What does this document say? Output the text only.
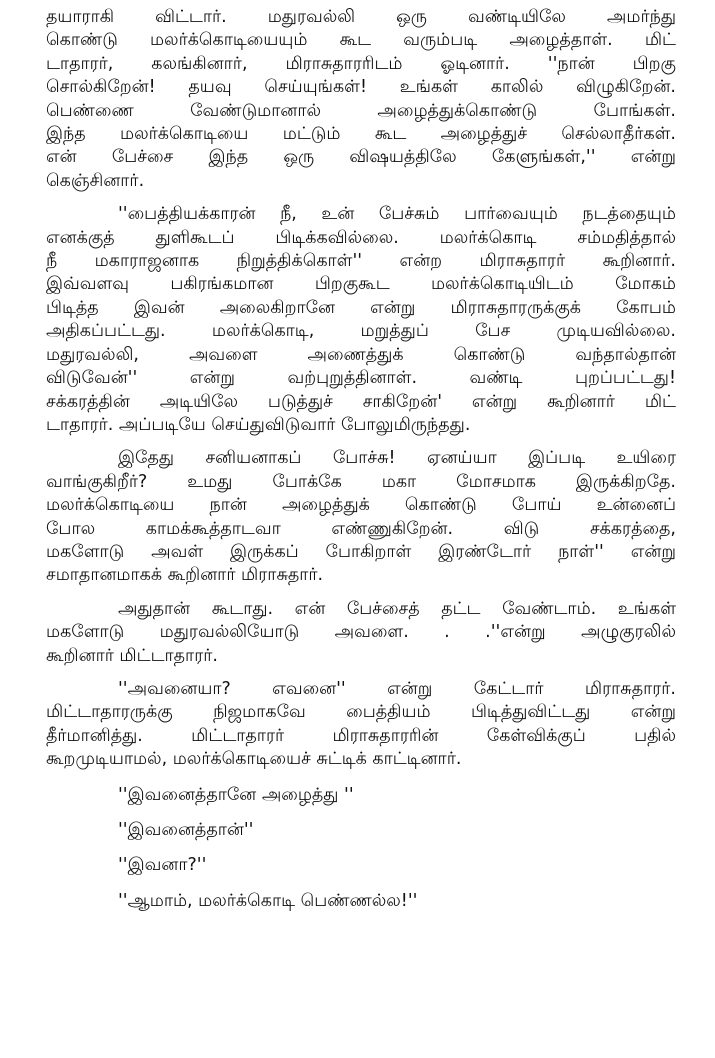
தயாராகி விட்டார். மதுரவல்லி ஒரு வண்டியிலே அமர்ந்து
கொண்டு மலர்க்கொடியையும் கூட வரும்படி அழைத்தாள். மிட்
டாதாரர், கலங்கினார், மிராசுதாரரிடம் ஓடினார். ''நான் பிறகு
சொல்கிறேன்! தயவு செய்யுங்கள்! உங்கள் காலில் விழுகிறேன்.
பெண்ணை வேண்டுமானால் அழைத்துக்கொண்டு போங்கள்.
இந்த மலர்க்கொடியை மட்டும் கூட அழைத்துச் செல்லாதீர்கள்.
என் பேச்சை இந்த ஒரு விஷயத்திலே கேளுங்கள்,'' என்று
கெஞ்சினார்.
''பைத்தியக்காரன் நீ, உன் பேச்சும் பார்வையும் நடத்தையும்
எனக்குத் துளிகூடப் பிடிக்கவில்லை. மலர்க்கொடி சம்மதித்தால்
நீ மகாராஜனாக நிறுத்திக்கொள்'' என்ற மிராசுதாரர் கூறினார்.
இவ்வளவு பகிரங்கமான பிறகுகூட மலர்க்கொடியிடம் மோகம்
பிடித்த இவன் அலைகிறானே என்று மிராசுதாரருக்குக் கோபம்
அதிகப்பட்டது. மலர்க்கொடி, மறுத்துப் பேச முடியவில்லை.
மதுரவல்லி, அவளை அணைத்துக் கொண்டு வந்தால்தான்
விடுவேன்'' என்று வற்புறுத்தினாள். வண்டி புறப்பட்டது!
சக்கரத்தின் அடியிலே படுத்துச் சாகிறேன்' என்று கூறினார் மிட்
டாதாரர். அப்படியே செய்துவிடுவார் போலுமிருந்தது.
இதேது சனியனாகப் போச்சு! ஏனய்யா இப்படி உயிரை
வாங்குகிறீர்? உமது போக்கே மகா மோசமாக இருக்கிறதே.
மலர்க்கொடியை நான் அழைத்துக் கொண்டு போய் உன்னைப்
போல காமக்கூத்தாடவா எண்ணுகிறேன். விடு சக்கரத்தை,
மகளோடு அவள் இருக்கப் போகிறாள் இரண்டோர் நாள்'' என்று
சமாதானமாகக் கூறினார் மிராசுதார்.
அதுதான் கூடாது. என் பேச்சைத் தட்ட வேண்டாம். உங்கள்
மகளோடு மதுரவல்லியோடு அவளை. . .''என்று அழுகுரலில்
கூறினார் மிட்டாதாரர்.
''அவனையா? எவனை'' என்று கேட்டார் மிராசுதாரர்.
மிட்டாதாரருக்கு நிஜமாகவே பைத்தியம் பிடித்துவிட்டது என்று
தீர்மானித்து. மிட்டாதாரர் மிராசுதாரரின் கேள்விக்குப் பதில்
கூறமுடியாமல், மலர்க்கொடியைச் சுட்டிக் காட்டினார்.
''இவனைத்தானே அழைத்து ''
''இவனைத்தான்''
''இவனா?''
''ஆமாம், மலர்க்கொடி பெண்ணல்ல!''
